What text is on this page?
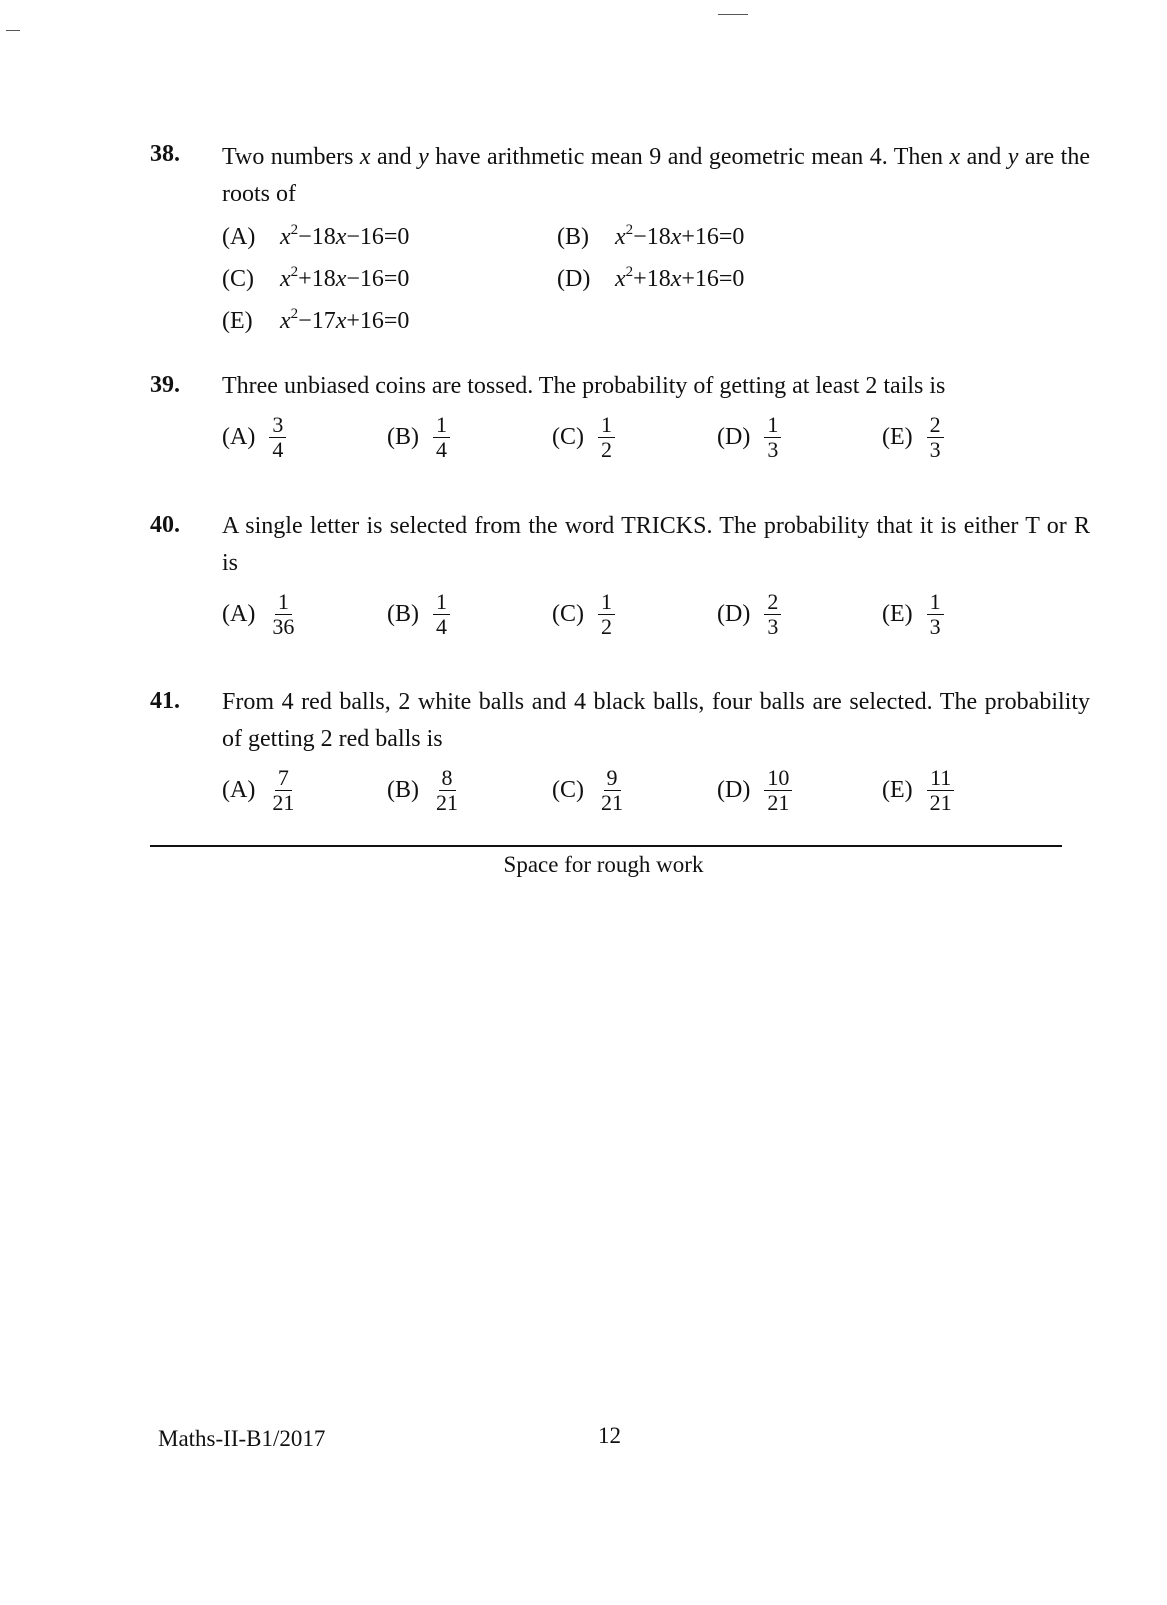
38. Two numbers x and y have arithmetic mean 9 and geometric mean 4. Then x and y are the roots of
(A) $x^2-18x-16=0$	(B) $x^2-18x+16=0$
(C) $x^2+18x-16=0$	(D) $x^2+18x+16=0$
(E) $x^2-17x+16=0$
39. Three unbiased coins are tossed. The probability of getting at least 2 tails is
$(A) \frac{3}{4}$	$(B) \frac{1}{4}$	$(C) \frac{1}{2}$	$(D) \frac{1}{3}$	$(E) \frac{2}{3}$
40. A single letter is selected from the word TRICKS. The probability that it is either T or R is
$(A) \frac{1}{36}$	$(B) \frac{1}{4}$	$(C) \frac{1}{2}$	$(D) \frac{2}{3}$	$(E) \frac{1}{3}$
41. From 4 red balls, 2 white balls and 4 black balls, four balls are selected. The probability of getting 2 red balls is
$(A) \frac{7}{21}$	$(B) \frac{8}{21}$	$(C) \frac{9}{21}$	$(D) \frac{10}{21}$	$(E) \frac{11}{21}$
Space for rough work
Maths-II-B1/2017	12
